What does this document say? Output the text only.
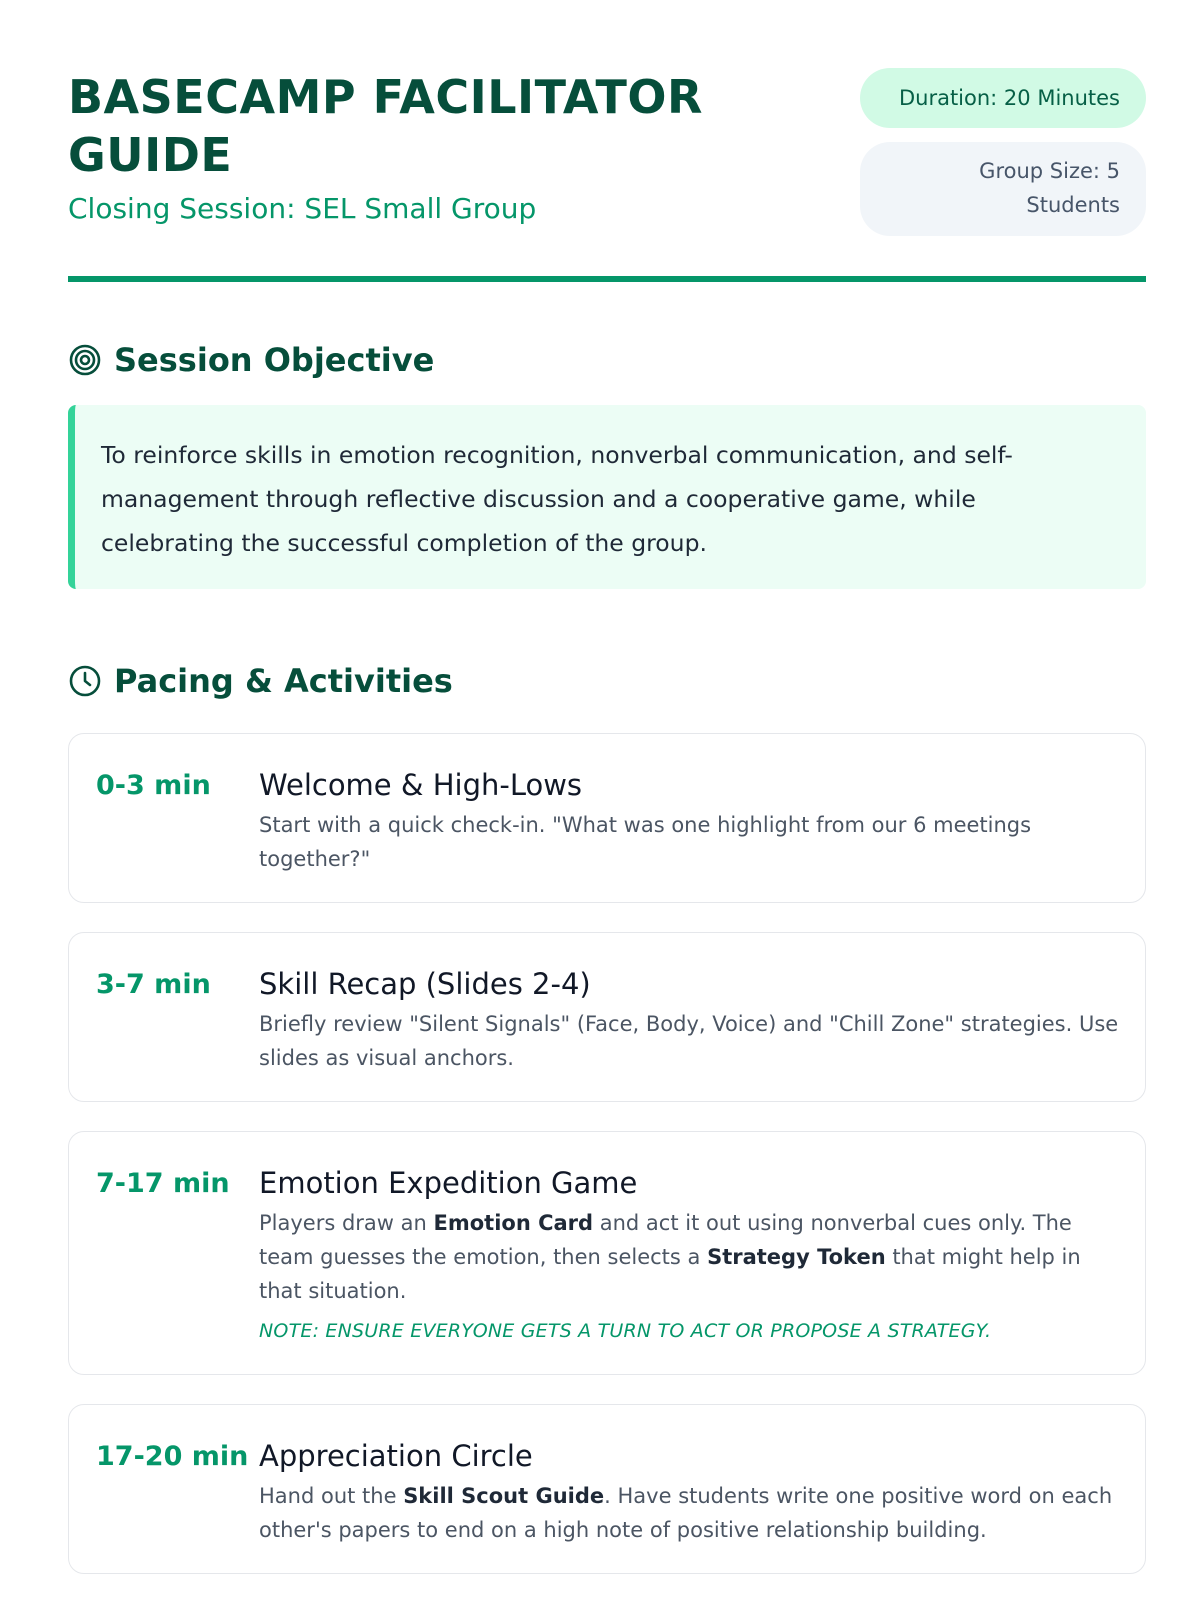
BASECAMP FACILITATOR GUIDE
Closing Session: SEL Small Group
Duration: 20 Minutes
Group Size: 5 Students
Session Objective
To reinforce skills in emotion recognition, nonverbal communication, and self-management through reflective discussion and a cooperative game, while celebrating the successful completion of the group.
Pacing & Activities
0-3 min Welcome & High-Lows
Start with a quick check-in. "What was one highlight from our 6 meetings together?"
3-7 min Skill Recap (Slides 2-4)
Briefly review "Silent Signals" (Face, Body, Voice) and "Chill Zone" strategies. Use slides as visual anchors.
7-17 min Emotion Expedition Game
Players draw an Emotion Card and act it out using nonverbal cues only. The team guesses the emotion, then selects a Strategy Token that might help in that situation.
NOTE: ENSURE EVERYONE GETS A TURN TO ACT OR PROPOSE A STRATEGY.
17-20 min Appreciation Circle
Hand out the Skill Scout Guide. Have students write one positive word on each other's papers to end on a high note of positive relationship building.
